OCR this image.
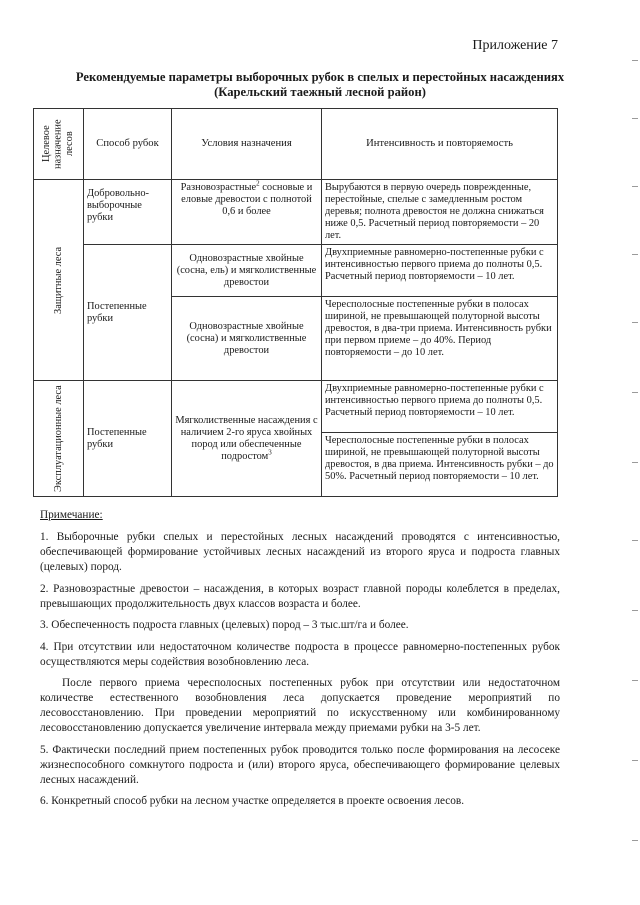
Приложение 7
Рекомендуемые параметры выборочных рубок в спелых и перестойных насаждениях
(Карельский таежный лесной район)
Целевое назначение лесов	Способ рубок	Условия назначения	Интенсивность и повторяемость

Защитные леса	Добровольно-выборочные рубки	Разновозрастные$^2$ сосновые и еловые древостои с полнотой 0,6 и более	Вырубаются в первую очередь поврежденные, перестойные, спелые с замедленным ростом деревья; полнота древостоя не должна снижаться ниже 0,5. Расчетный период повторяемости – 20 лет.
	Постепенные рубки	Одновозрастные хвойные (сосна, ель) и мягколиственные древостои	Двухприемные равномерно-постепенные рубки с интенсивностью первого приема до полноты 0,5. Расчетный период повторяемости – 10 лет.
		Одновозрастные хвойные (сосна) и мягколиственные древостои	Чересполосные постепенные рубки в полосах шириной, не превышающей полуторной высоты древостоя, в два-три приема. Интенсивность рубки при первом приеме – до 40%. Период повторяемости – до 10 лет.

Эксплуатационные леса	Постепенные рубки	Мягколиственные насаждения с наличием 2-го яруса хвойных пород или обеспеченные подростом$^3$	Двухприемные равномерно-постепенные рубки с интенсивностью первого приема до полноты 0,5. Расчетный период повторяемости – 10 лет.
			Чересполосные постепенные рубки в полосах шириной, не превышающей полуторной высоты древостоя, в два приема. Интенсивность рубки – до 50%. Расчетный период повторяемости – 10 лет.

Примечание:

1. Выборочные рубки спелых и перестойных лесных насаждений проводятся с интенсивностью, обеспечивающей формирование устойчивых лесных насаждений из второго яруса и подроста главных (целевых) пород.

2. Разновозрастные древостои – насаждения, в которых возраст главной породы колеблется в пределах, превышающих продолжительность двух классов возраста и более.

3. Обеспеченность подроста главных (целевых) пород – 3 тыс.шт/га и более.

4. При отсутствии или недостаточном количестве подроста в процессе равномерно-постепенных рубок осуществляются меры содействия возобновлению леса.

После первого приема чересполосных постепенных рубок при отсутствии или недостаточном количестве естественного возобновления леса допускается проведение мероприятий по лесовосстановлению. При проведении мероприятий по искусственному или комбинированному лесовосстановлению допускается увеличение интервала между приемами рубки на 3-5 лет.

5. Фактически последний прием постепенных рубок проводится только после формирования на лесосеке жизнеспособного сомкнутого подроста и (или) второго яруса, обеспечивающего формирование целевых лесных насаждений.

6. Конкретный способ рубки на лесном участке определяется в проекте освоения лесов.
